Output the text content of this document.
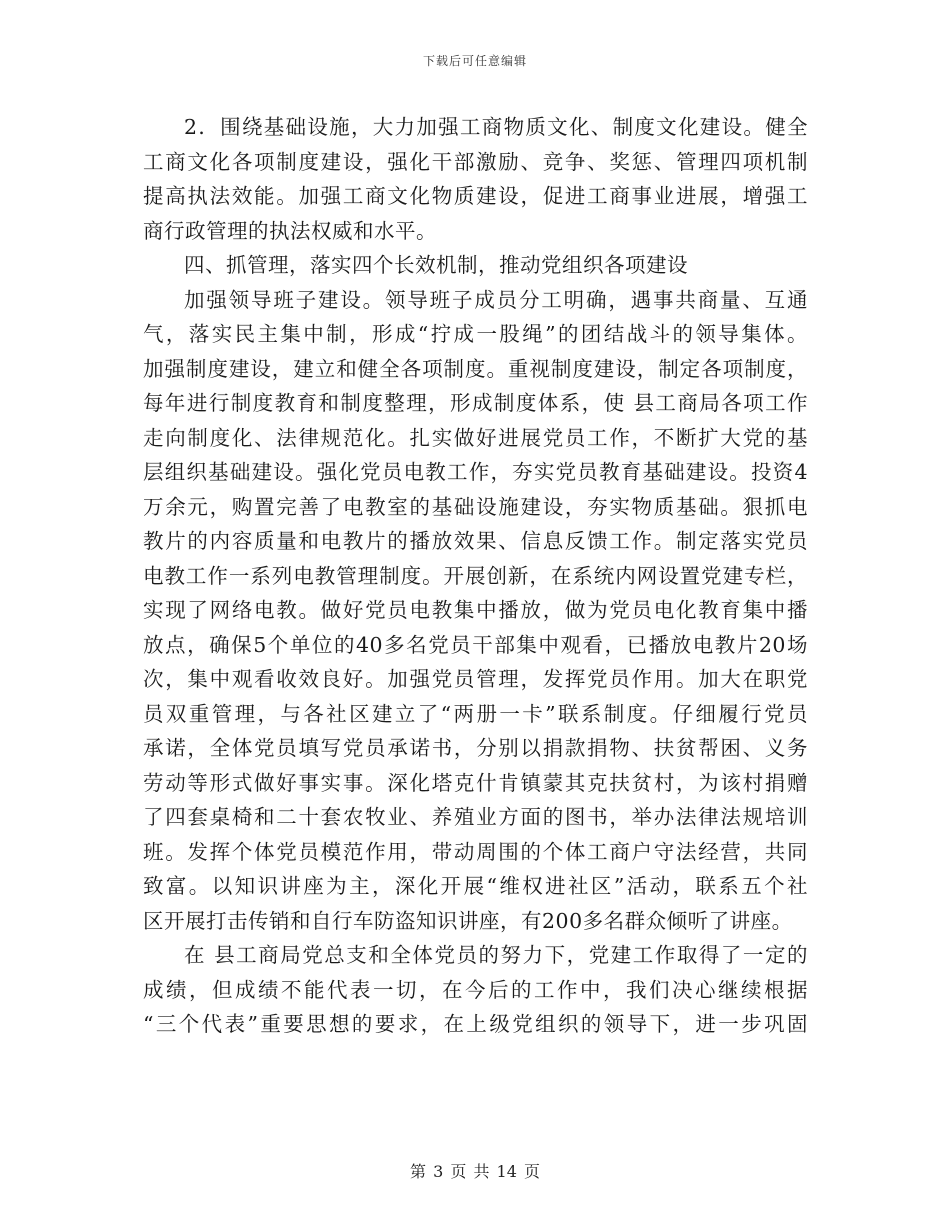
下载后可任意编辑
2．围绕基础设施，大力加强工商物质文化、制度文化建设。健全
工商文化各项制度建设，强化干部激励、竞争、奖惩、管理四项机制
提高执法效能。加强工商文化物质建设，促进工商事业进展，增强工
商行政管理的执法权威和水平。
四、抓管理，落实四个长效机制，推动党组织各项建设
加强领导班子建设。领导班子成员分工明确，遇事共商量、互通
气，落实民主集中制，形成“拧成一股绳”的团结战斗的领导集体。
加强制度建设，建立和健全各项制度。重视制度建设，制定各项制度，
每年进行制度教育和制度整理，形成制度体系，使 县工商局各项工作
走向制度化、法律规范化。扎实做好进展党员工作，不断扩大党的基
层组织基础建设。强化党员电教工作，夯实党员教育基础建设。投资4
万余元，购置完善了电教室的基础设施建设，夯实物质基础。狠抓电
教片的内容质量和电教片的播放效果、信息反馈工作。制定落实党员
电教工作一系列电教管理制度。开展创新，在系统内网设置党建专栏，
实现了网络电教。做好党员电教集中播放，做为党员电化教育集中播
放点，确保5个单位的40多名党员干部集中观看，已播放电教片20场
次，集中观看收效良好。加强党员管理，发挥党员作用。加大在职党
员双重管理，与各社区建立了“两册一卡”联系制度。仔细履行党员
承诺，全体党员填写党员承诺书，分别以捐款捐物、扶贫帮困、义务
劳动等形式做好事实事。深化塔克什肯镇蒙其克扶贫村，为该村捐赠
了四套桌椅和二十套农牧业、养殖业方面的图书，举办法律法规培训
班。发挥个体党员模范作用，带动周围的个体工商户守法经营，共同
致富。以知识讲座为主，深化开展“维权进社区”活动，联系五个社
区开展打击传销和自行车防盗知识讲座，有200多名群众倾听了讲座。
在 县工商局党总支和全体党员的努力下，党建工作取得了一定的
成绩，但成绩不能代表一切，在今后的工作中，我们决心继续根据
“三个代表”重要思想的要求，在上级党组织的领导下，进一步巩固
第 3 页 共 14 页
